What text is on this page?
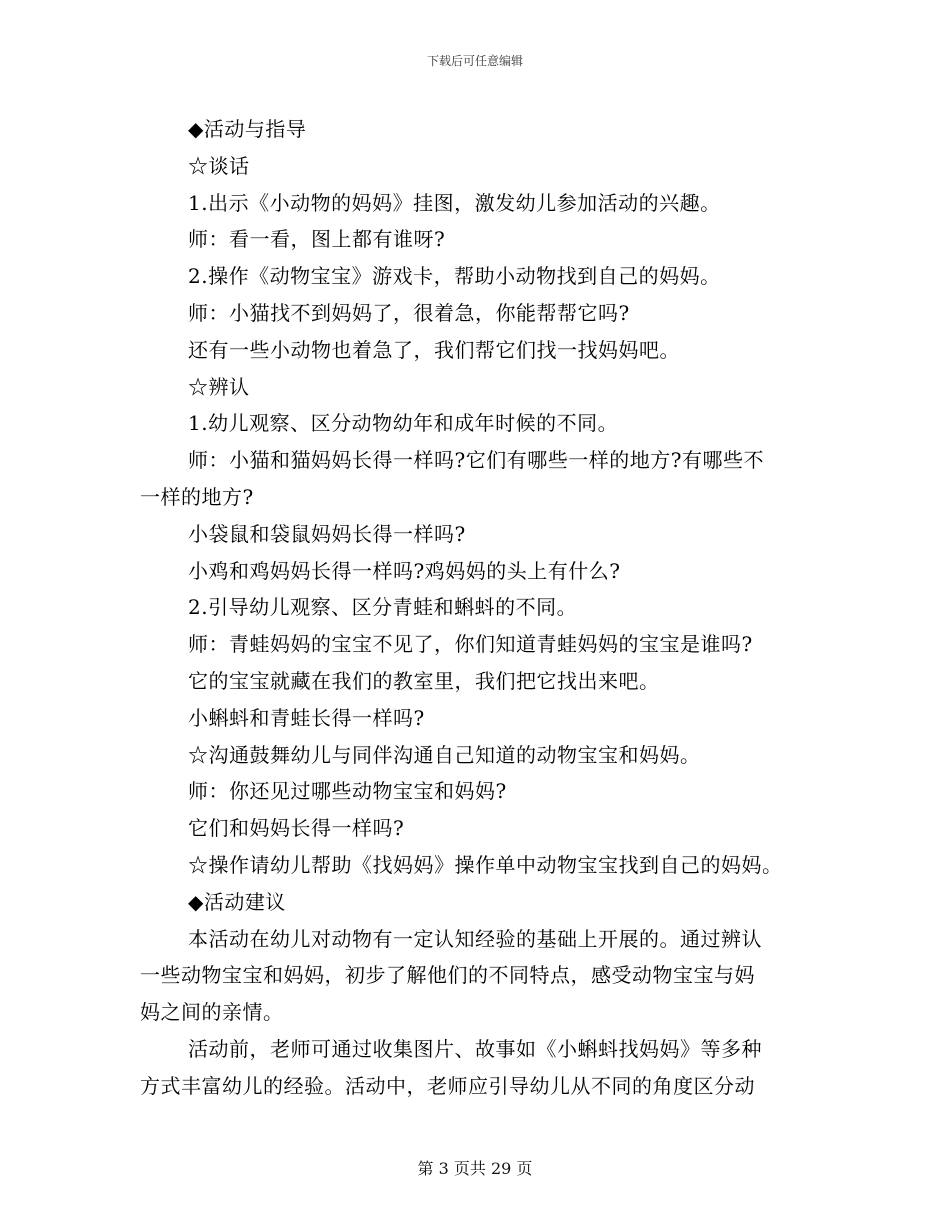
下载后可任意编辑
◆活动与指导
☆谈话
1.出示《小动物的妈妈》挂图，激发幼儿参加活动的兴趣。
师：看一看，图上都有谁呀?
2.操作《动物宝宝》游戏卡，帮助小动物找到自己的妈妈。
师：小猫找不到妈妈了，很着急，你能帮帮它吗?
还有一些小动物也着急了，我们帮它们找一找妈妈吧。
☆辨认
1.幼儿观察、区分动物幼年和成年时候的不同。
师：小猫和猫妈妈长得一样吗?它们有哪些一样的地方?有哪些不
一样的地方?
小袋鼠和袋鼠妈妈长得一样吗?
小鸡和鸡妈妈长得一样吗?鸡妈妈的头上有什么?
2.引导幼儿观察、区分青蛙和蝌蚪的不同。
师：青蛙妈妈的宝宝不见了，你们知道青蛙妈妈的宝宝是谁吗?
它的宝宝就藏在我们的教室里，我们把它找出来吧。
小蝌蚪和青蛙长得一样吗?
☆沟通鼓舞幼儿与同伴沟通自己知道的动物宝宝和妈妈。
师：你还见过哪些动物宝宝和妈妈?
它们和妈妈长得一样吗?
☆操作请幼儿帮助《找妈妈》操作单中动物宝宝找到自己的妈妈。
◆活动建议
本活动在幼儿对动物有一定认知经验的基础上开展的。通过辨认
一些动物宝宝和妈妈，初步了解他们的不同特点，感受动物宝宝与妈
妈之间的亲情。
活动前，老师可通过收集图片、故事如《小蝌蚪找妈妈》等多种
方式丰富幼儿的经验。活动中，老师应引导幼儿从不同的角度区分动
第 3 页共 29 页
